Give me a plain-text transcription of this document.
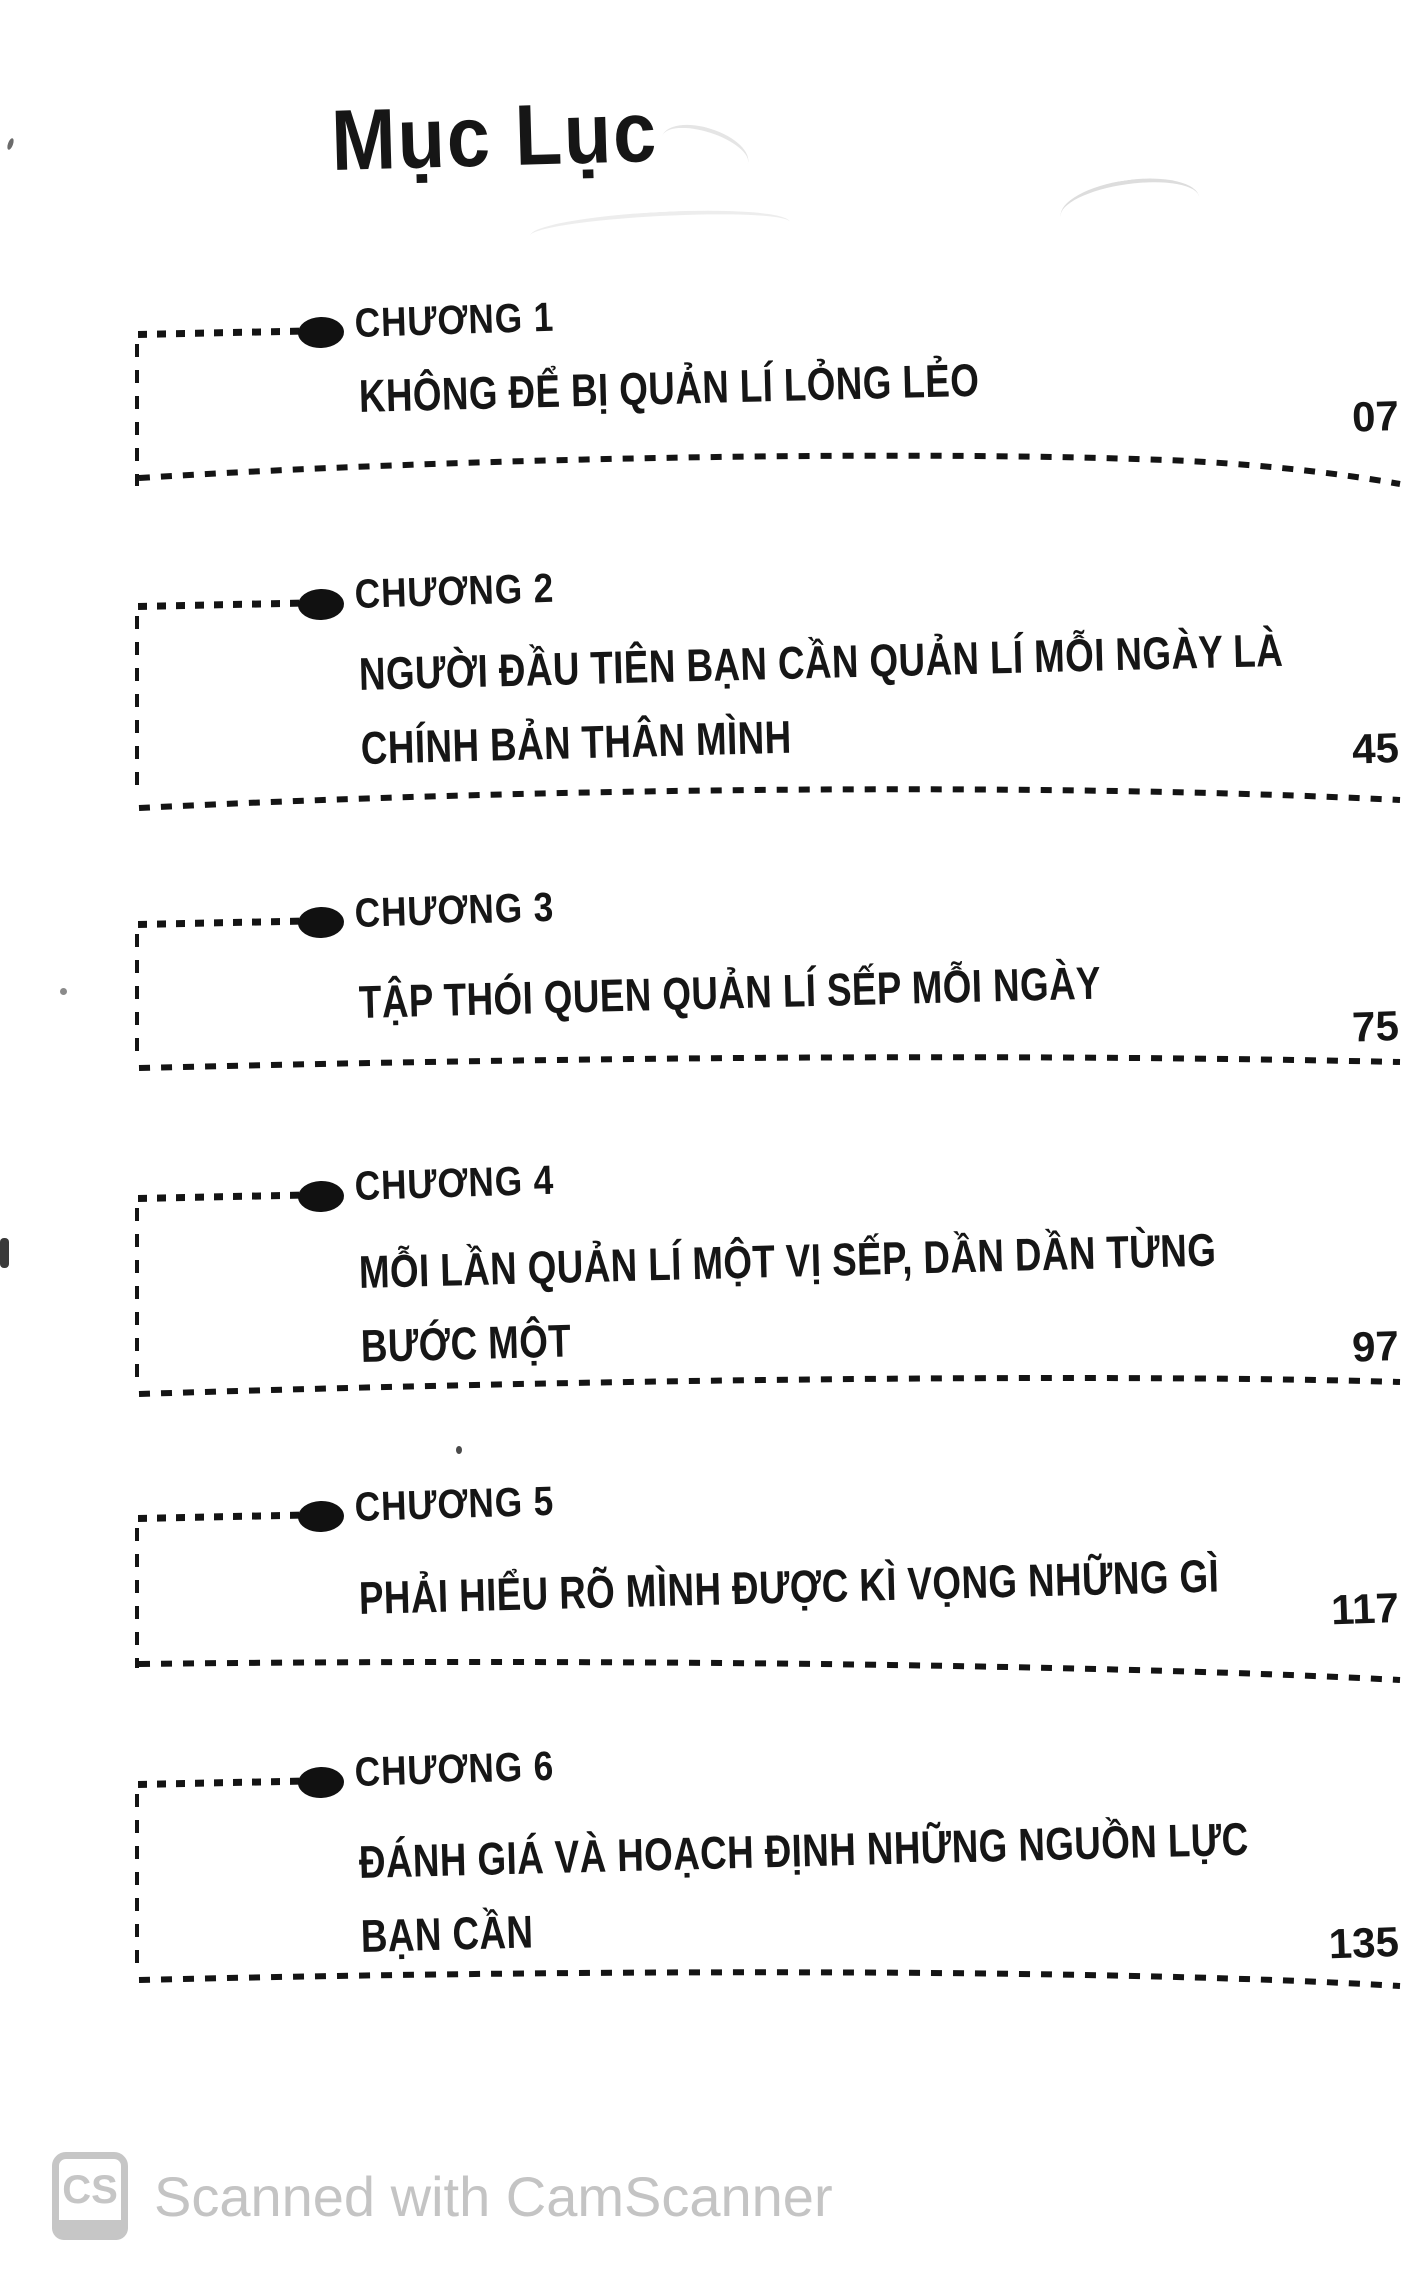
Mục Lục
CHƯƠNG 1
KHÔNG ĐỂ BỊ QUẢN LÍ LỎNG LẺO	07
CHƯƠNG 2
NGƯỜI ĐẦU TIÊN BẠN CẦN QUẢN LÍ MỖI NGÀY LÀ
CHÍNH BẢN THÂN MÌNH	45
CHƯƠNG 3
TẬP THÓI QUEN QUẢN LÍ SẾP MỖI NGÀY	75
CHƯƠNG 4
MỖI LẦN QUẢN LÍ MỘT VỊ SẾP, DẦN DẦN TỪNG
BƯỚC MỘT	97
CHƯƠNG 5
PHẢI HIỂU RÕ MÌNH ĐƯỢC KÌ VỌNG NHỮNG GÌ	117
CHƯƠNG 6
ĐÁNH GIÁ VÀ HOẠCH ĐỊNH NHỮNG NGUỒN LỰC
BẠN CẦN	135
CS Scanned with CamScanner
